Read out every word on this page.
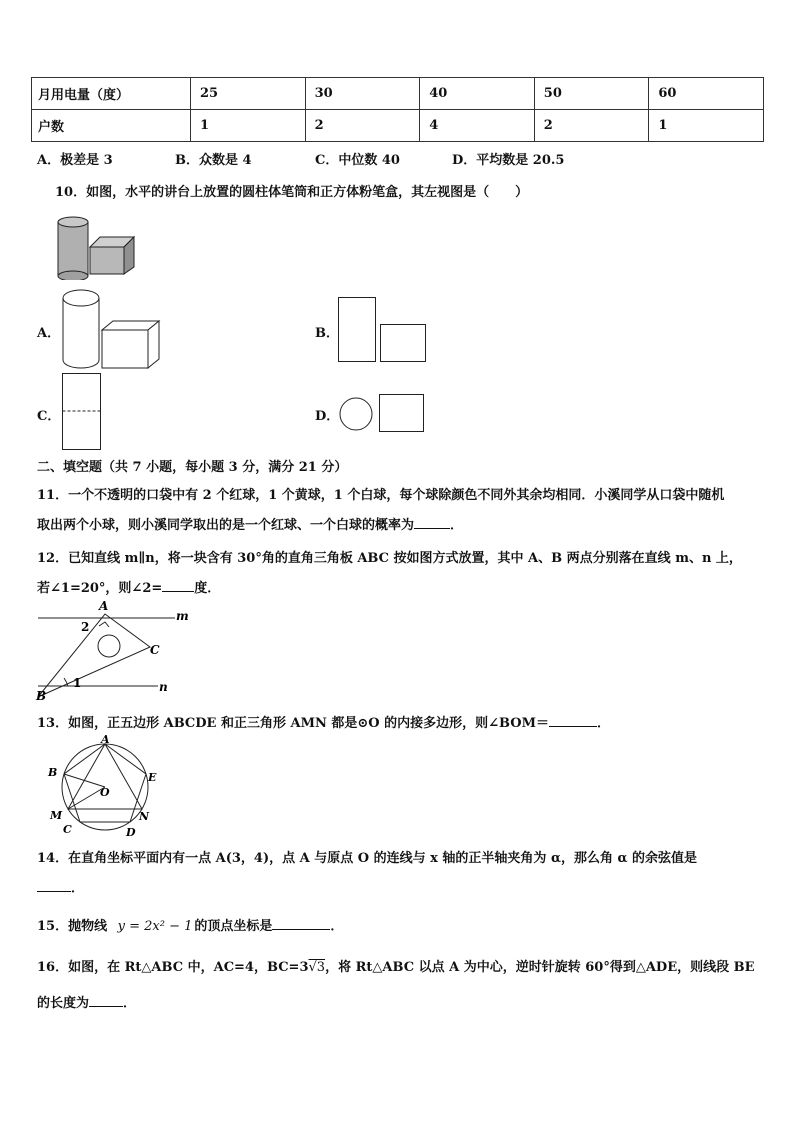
月用电量（度）	25	30	40	50	60
户数	1	2	4	2	1
A．极差是 3	B．众数是 4	C．中位数 40	D．平均数是 20.5
10．如图，水平的讲台上放置的圆柱体笔筒和正方体粉笔盒，其左视图是（　　）
A．	B．
C．	D．
二、填空题（共 7 小题，每小题 3 分，满分 21 分）
11．一个不透明的口袋中有 2 个红球，1 个黄球，1 个白球，每个球除颜色不同外其余均相同．小溪同学从口袋中随机
取出两个小球，则小溪同学取出的是一个红球、一个白球的概率为	．
12．已知直线 m∥n，将一块含有 30°角的直角三角板 ABC 按如图方式放置，其中 A、B 两点分别落在直线 m、n 上，
若∠1=20°，则∠2= 度．
A
B
C
m
n
1
2
13．如图，正五边形 ABCDE 和正三角形 AMN 都是⊙O 的内接多边形，则∠BOM＝	．
A
B	E
M	N
C	D
O
14．在直角坐标平面内有一点 A(3，4)，点 A 与原点 O 的连线与 x 轴的正半轴夹角为 α，那么角 α 的余弦值是
．
15．抛物线 y = 2x² − 1 的顶点坐标是	．
16．如图，在 Rt△ABC 中，AC=4，BC=3√3，将 Rt△ABC 以点 A 为中心，逆时针旋转 60°得到△ADE，则线段 BE
的长度为	．
